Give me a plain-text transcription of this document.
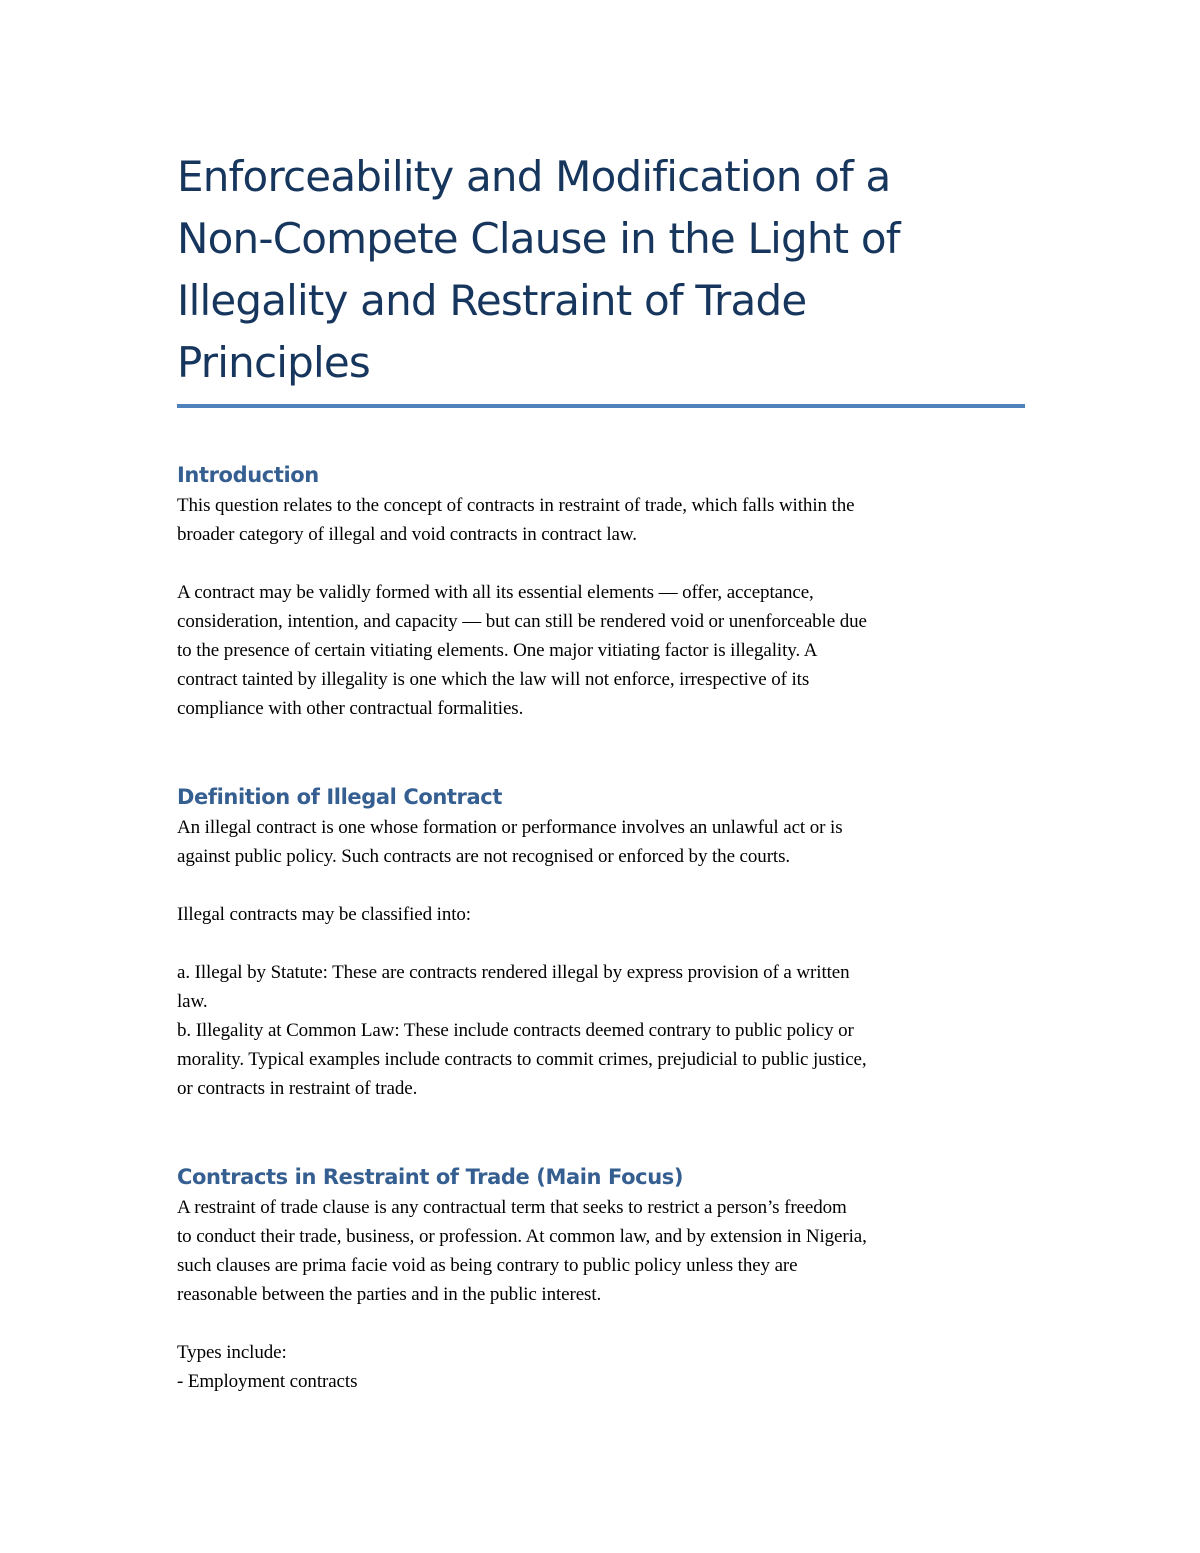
Enforceability and Modification of a
Non-Compete Clause in the Light of
Illegality and Restraint of Trade
Principles
Introduction
This question relates to the concept of contracts in restraint of trade, which falls within the
broader category of illegal and void contracts in contract law.
A contract may be validly formed with all its essential elements — offer, acceptance,
consideration, intention, and capacity — but can still be rendered void or unenforceable due
to the presence of certain vitiating elements. One major vitiating factor is illegality. A
contract tainted by illegality is one which the law will not enforce, irrespective of its
compliance with other contractual formalities.
Definition of Illegal Contract
An illegal contract is one whose formation or performance involves an unlawful act or is
against public policy. Such contracts are not recognised or enforced by the courts.
Illegal contracts may be classified into:
a. Illegal by Statute: These are contracts rendered illegal by express provision of a written
law.
b. Illegality at Common Law: These include contracts deemed contrary to public policy or
morality. Typical examples include contracts to commit crimes, prejudicial to public justice,
or contracts in restraint of trade.
Contracts in Restraint of Trade (Main Focus)
A restraint of trade clause is any contractual term that seeks to restrict a person’s freedom
to conduct their trade, business, or profession. At common law, and by extension in Nigeria,
such clauses are prima facie void as being contrary to public policy unless they are
reasonable between the parties and in the public interest.
Types include:
- Employment contracts
